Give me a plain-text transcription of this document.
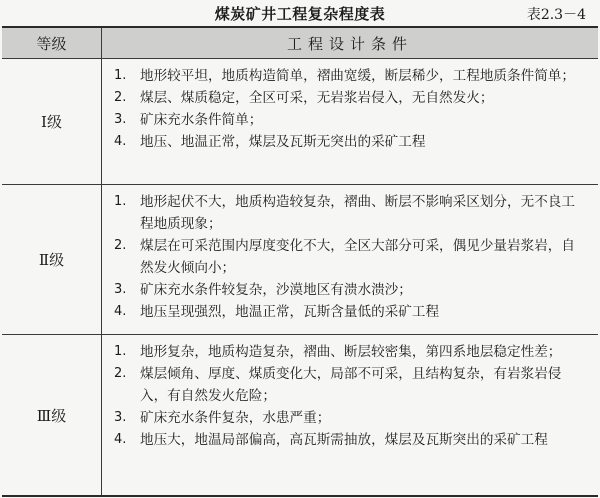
煤炭矿井工程复杂程度表	表2.3－4
等级	工程设计条件
Ⅰ级
1. 地形较平坦，地质构造简单，褶曲宽缓，断层稀少，工程地质条件简单；
2. 煤层、煤质稳定，全区可采，无岩浆岩侵入，无自然发火；
3. 矿床充水条件简单；
4. 地压、地温正常，煤层及瓦斯无突出的采矿工程
Ⅱ级
1. 地形起伏不大，地质构造较复杂，褶曲、断层不影响采区划分，无不良工程地质现象；
2. 煤层在可采范围内厚度变化不大，全区大部分可采，偶见少量岩浆岩，自然发火倾向小；
3. 矿床充水条件较复杂，沙漠地区有溃水溃沙；
4. 地压呈现强烈，地温正常，瓦斯含量低的采矿工程
Ⅲ级
1. 地形复杂，地质构造复杂，褶曲、断层较密集，第四系地层稳定性差；
2. 煤层倾角、厚度、煤质变化大，局部不可采，且结构复杂，有岩浆岩侵入，有自然发火危险；
3. 矿床充水条件复杂，水患严重；
4. 地压大，地温局部偏高，高瓦斯需抽放，煤层及瓦斯突出的采矿工程
